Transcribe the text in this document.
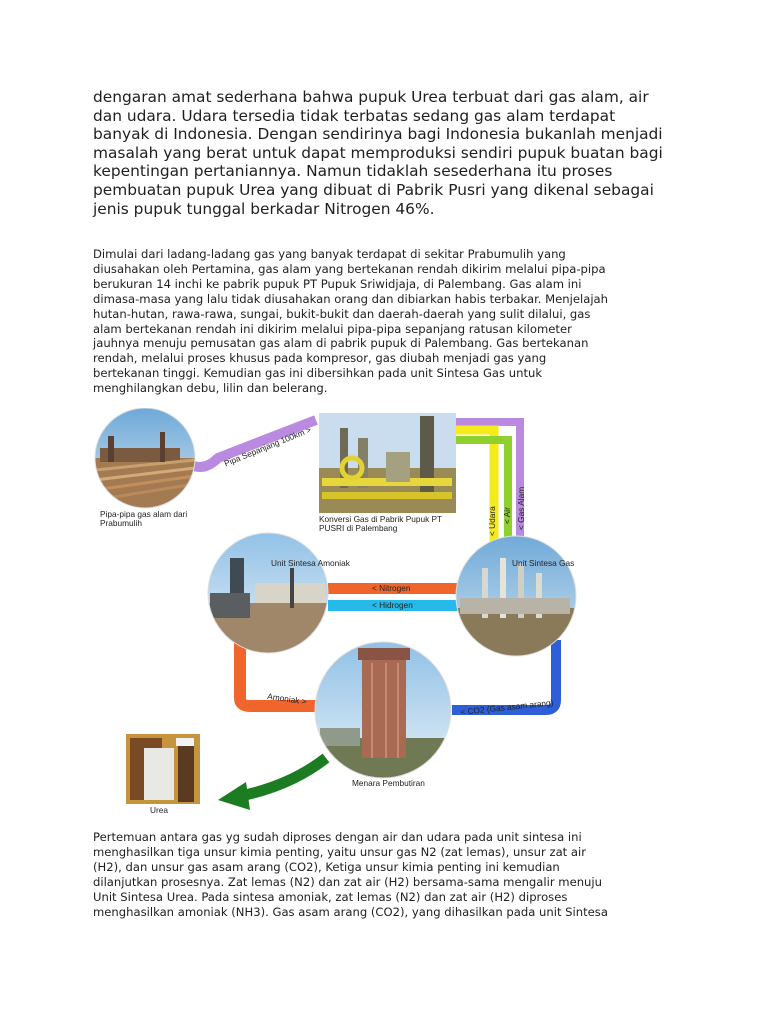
dengaran amat sederhana bahwa pupuk Urea terbuat dari gas alam, air
dan udara. Udara tersedia tidak terbatas sedang gas alam terdapat
banyak di Indonesia. Dengan sendirinya bagi Indonesia bukanlah menjadi
masalah yang berat untuk dapat memproduksi sendiri pupuk buatan bagi
kepentingan pertaniannya. Namun tidaklah sesederhana itu proses
pembuatan pupuk Urea yang dibuat di Pabrik Pusri yang dikenal sebagai
jenis pupuk tunggal berkadar Nitrogen 46%.
Dimulai dari ladang-ladang gas yang banyak terdapat di sekitar Prabumulih yang
diusahakan oleh Pertamina, gas alam yang bertekanan rendah dikirim melalui pipa-pipa
berukuran 14 inchi ke pabrik pupuk PT Pupuk Sriwidjaja, di Palembang. Gas alam ini
dimasa-masa yang lalu tidak diusahakan orang dan dibiarkan habis terbakar. Menjelajah
hutan-hutan, rawa-rawa, sungai, bukit-bukit dan daerah-daerah yang sulit dilalui, gas
alam bertekanan rendah ini dikirim melalui pipa-pipa sepanjang ratusan kilometer
jauhnya menuju pemusatan gas alam di pabrik pupuk di Palembang. Gas bertekanan
rendah, melalui proses khusus pada kompresor, gas diubah menjadi gas yang
bertekanan tinggi. Kemudian gas ini dibersihkan pada unit Sintesa Gas untuk
menghilangkan debu, lilin dan belerang.
Pipa Sepanjang 100km >
Pipa-pipa gas alam dari
Prabumulih	Konversi Gas di Pabrik Pupuk PT
PUSRI di Palembang	< Udara < Air < Gas Alam
Unit Sintesa Amoniak	Unit Sintesa Gas
< Nitrogen
< Hidrogen
Amoniak >	< CO2 (Gas asam arang)
Menara Pembutiran
Urea
Pertemuan antara gas yg sudah diproses dengan air dan udara pada unit sintesa ini
menghasilkan tiga unsur kimia penting, yaitu unsur gas N2 (zat lemas), unsur zat air
(H2), dan unsur gas asam arang (CO2), Ketiga unsur kimia penting ini kemudian
dilanjutkan prosesnya. Zat lemas (N2) dan zat air (H2) bersama-sama mengalir menuju
Unit Sintesa Urea. Pada sintesa amoniak, zat lemas (N2) dan zat air (H2) diproses
menghasilkan amoniak (NH3). Gas asam arang (CO2), yang dihasilkan pada unit Sintesa
